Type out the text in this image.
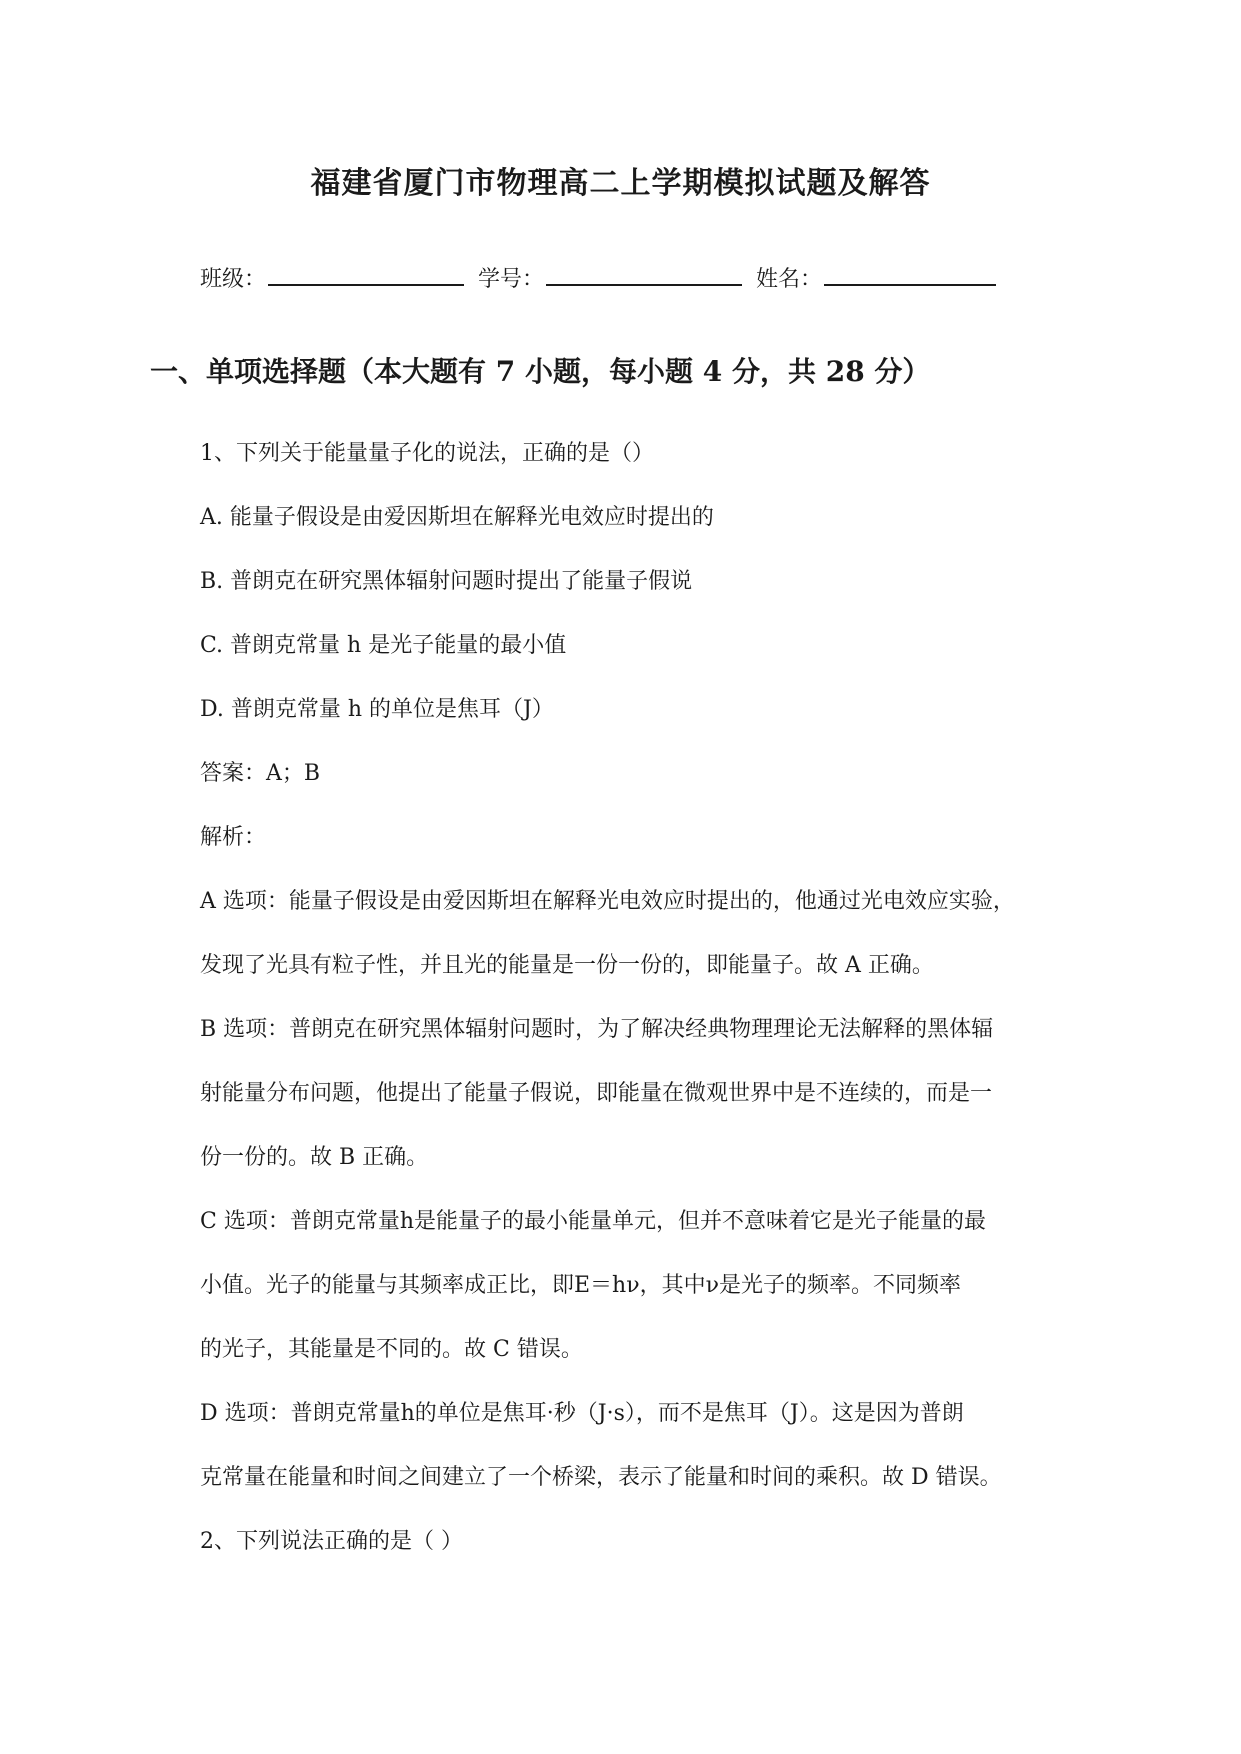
福建省厦门市物理高二上学期模拟试题及解答
班级：	学号：	姓名：
一、单项选择题（本大题有 7 小题，每小题 4 分，共 28 分）
1、下列关于能量量子化的说法，正确的是（）
A. 能量子假设是由爱因斯坦在解释光电效应时提出的
B. 普朗克在研究黑体辐射问题时提出了能量子假说
C. 普朗克常量 h 是光子能量的最小值
D. 普朗克常量 h 的单位是焦耳（J）
答案：A；B
解析：
A 选项：能量子假设是由爱因斯坦在解释光电效应时提出的，他通过光电效应实验，
发现了光具有粒子性，并且光的能量是一份一份的，即能量子。故 A 正确。
B 选项：普朗克在研究黑体辐射问题时，为了解决经典物理理论无法解释的黑体辐
射能量分布问题，他提出了能量子假说，即能量在微观世界中是不连续的，而是一
份一份的。故 B 正确。
C 选项：普朗克常量h是能量子的最小能量单元，但并不意味着它是光子能量的最
小值。光子的能量与其频率成正比，即E＝hν，其中ν是光子的频率。不同频率
的光子，其能量是不同的。故 C 错误。
D 选项：普朗克常量h的单位是焦耳·秒（J·s），而不是焦耳（J）。这是因为普朗
克常量在能量和时间之间建立了一个桥梁，表示了能量和时间的乘积。故 D 错误。
2、下列说法正确的是（ ）
